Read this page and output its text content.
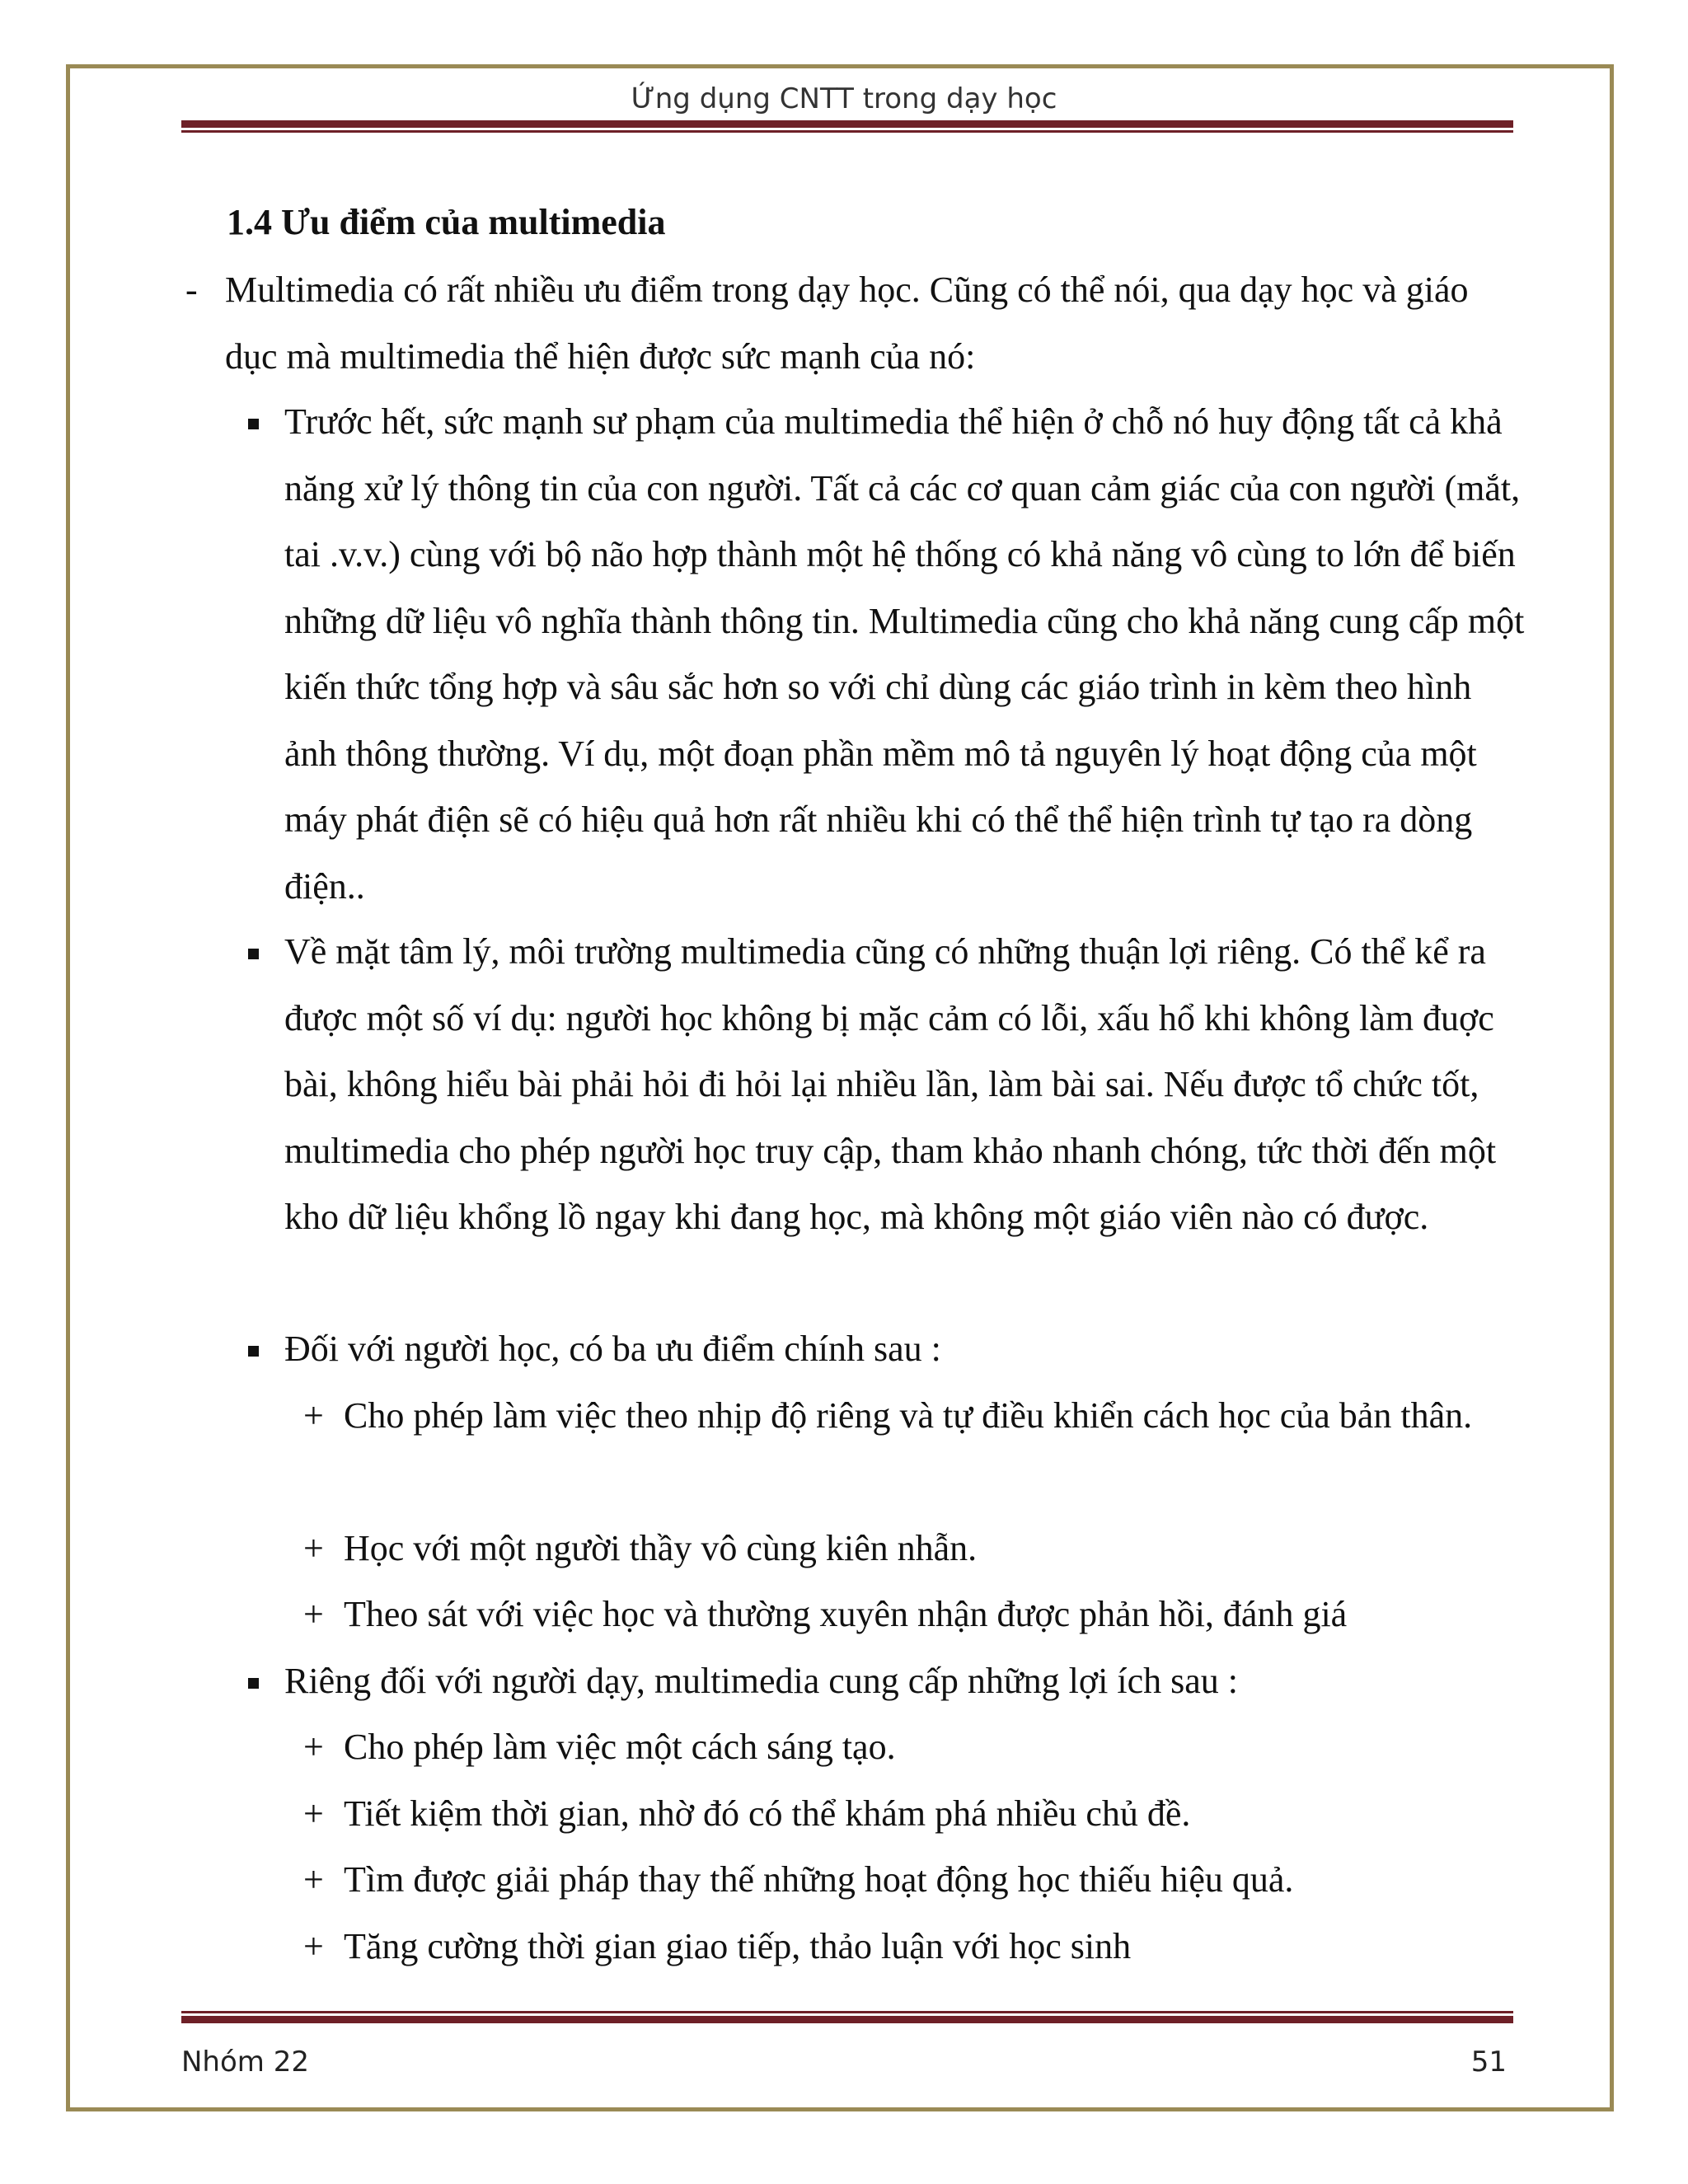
Ứng dụng CNTT trong dạy học
1.4 Ưu điểm của multimedia
- Multimedia có rất nhiều ưu điểm trong dạy học. Cũng có thể nói, qua dạy học và giáo dục mà multimedia thể hiện được sức mạnh của nó:
Trước hết, sức mạnh sư phạm của multimedia thể hiện ở chỗ nó huy động tất cả khả năng xử lý thông tin của con người. Tất cả các cơ quan cảm giác của con người (mắt, tai .v.v.) cùng với bộ não hợp thành một hệ thống có khả năng vô cùng to lớn để biến những dữ liệu vô nghĩa thành thông tin. Multimedia cũng cho khả năng cung cấp một kiến thức tổng hợp và sâu sắc hơn so với chỉ dùng các giáo trình in kèm theo hình ảnh thông thường. Ví dụ, một đoạn phần mềm mô tả nguyên lý hoạt động của một máy phát điện sẽ có hiệu quả hơn rất nhiều khi có thể thể hiện trình tự tạo ra dòng điện..
Về mặt tâm lý, môi trường multimedia cũng có những thuận lợi riêng. Có thể kể ra được một số ví dụ: người học không bị mặc cảm có lỗi, xấu hổ khi không làm đuợc bài, không hiểu bài phải hỏi đi hỏi lại nhiều lần, làm bài sai. Nếu được tổ chức tốt, multimedia cho phép người học truy cập, tham khảo nhanh chóng, tức thời đến một kho dữ liệu khổng lồ ngay khi đang học, mà không một giáo viên nào có được.
Đối với người học, có ba ưu điểm chính sau :
+ Cho phép làm việc theo nhịp độ riêng và tự điều khiển cách học của bản thân.
+ Học với một người thầy vô cùng kiên nhẫn.
+ Theo sát với việc học và thường xuyên nhận được phản hồi, đánh giá
Riêng đối với người dạy, multimedia cung cấp những lợi ích sau :
+ Cho phép làm việc một cách sáng tạo.
+ Tiết kiệm thời gian, nhờ đó có thể khám phá nhiều chủ đề.
+ Tìm được giải pháp thay thế những hoạt động học thiếu hiệu quả.
+ Tăng cường thời gian giao tiếp, thảo luận với học sinh
Nhóm 22	51
